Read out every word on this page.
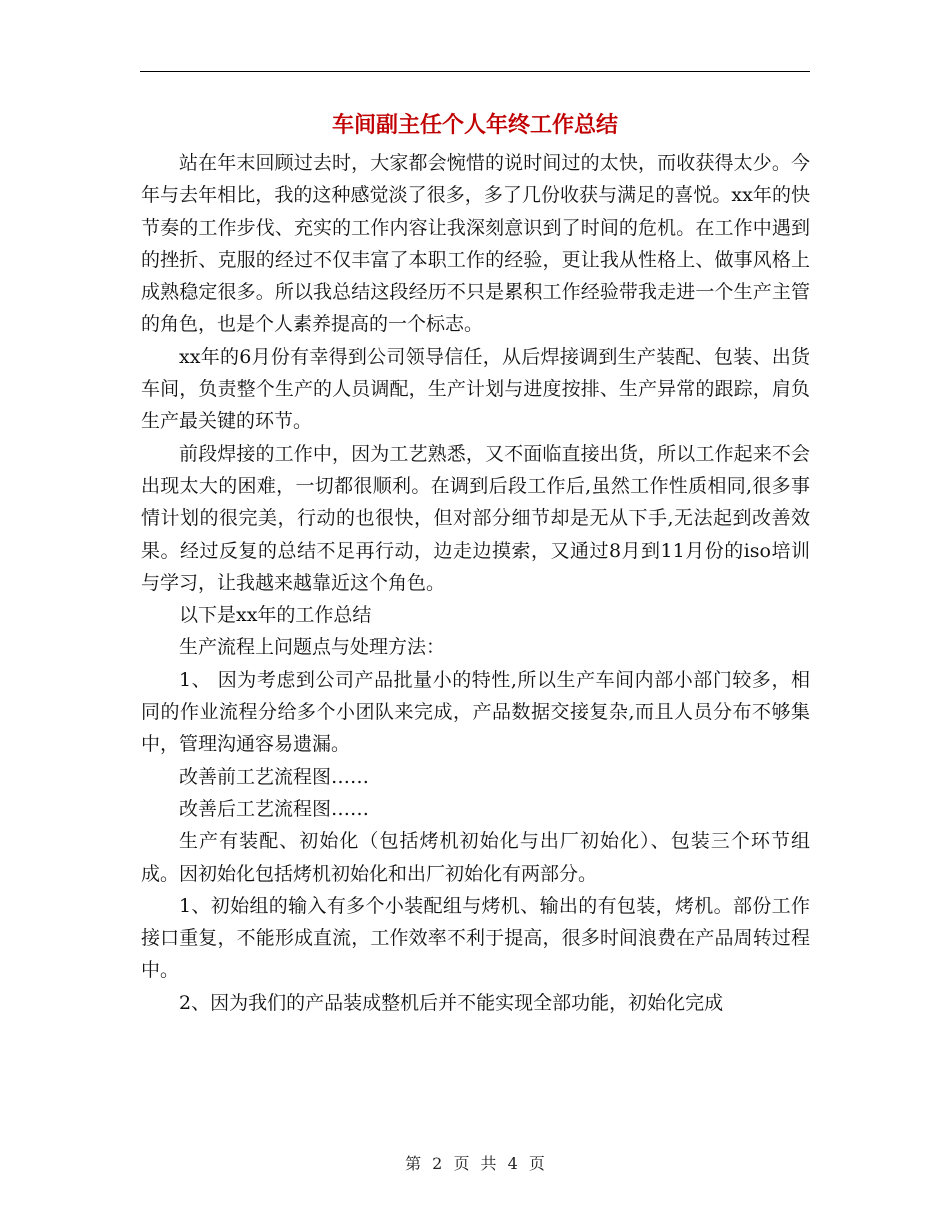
车间副主任个人年终工作总结

站在年末回顾过去时，大家都会惋惜的说时间过的太快，而收获得太少。今年与去年相比，我的这种感觉淡了很多，多了几份收获与满足的喜悦。xx年的快节奏的工作步伐、充实的工作内容让我深刻意识到了时间的危机。在工作中遇到的挫折、克服的经过不仅丰富了本职工作的经验，更让我从性格上、做事风格上成熟稳定很多。所以我总结这段经历不只是累积工作经验带我走进一个生产主管的角色，也是个人素养提高的一个标志。

xx年的6月份有幸得到公司领导信任，从后焊接调到生产装配、包装、出货车间，负责整个生产的人员调配，生产计划与进度按排、生产异常的跟踪，肩负生产最关键的环节。

前段焊接的工作中，因为工艺熟悉，又不面临直接出货，所以工作起来不会出现太大的困难，一切都很顺利。在调到后段工作后,虽然工作性质相同,很多事情计划的很完美，行动的也很快，但对部分细节却是无从下手,无法起到改善效果。经过反复的总结不足再行动，边走边摸索，又通过8月到11月份的iso培训与学习，让我越来越靠近这个角色。

以下是xx年的工作总结

生产流程上问题点与处理方法：

1、 因为考虑到公司产品批量小的特性,所以生产车间内部小部门较多，相同的作业流程分给多个小团队来完成，产品数据交接复杂,而且人员分布不够集中，管理沟通容易遗漏。

改善前工艺流程图……

改善后工艺流程图……

生产有装配、初始化（包括烤机初始化与出厂初始化）、包装三个环节组成。因初始化包括烤机初始化和出厂初始化有两部分。

1、初始组的输入有多个小装配组与烤机、输出的有包装，烤机。部份工作接口重复，不能形成直流，工作效率不利于提高，很多时间浪费在产品周转过程中。

2、因为我们的产品装成整机后并不能实现全部功能，初始化完成

第 2 页 共 4 页
